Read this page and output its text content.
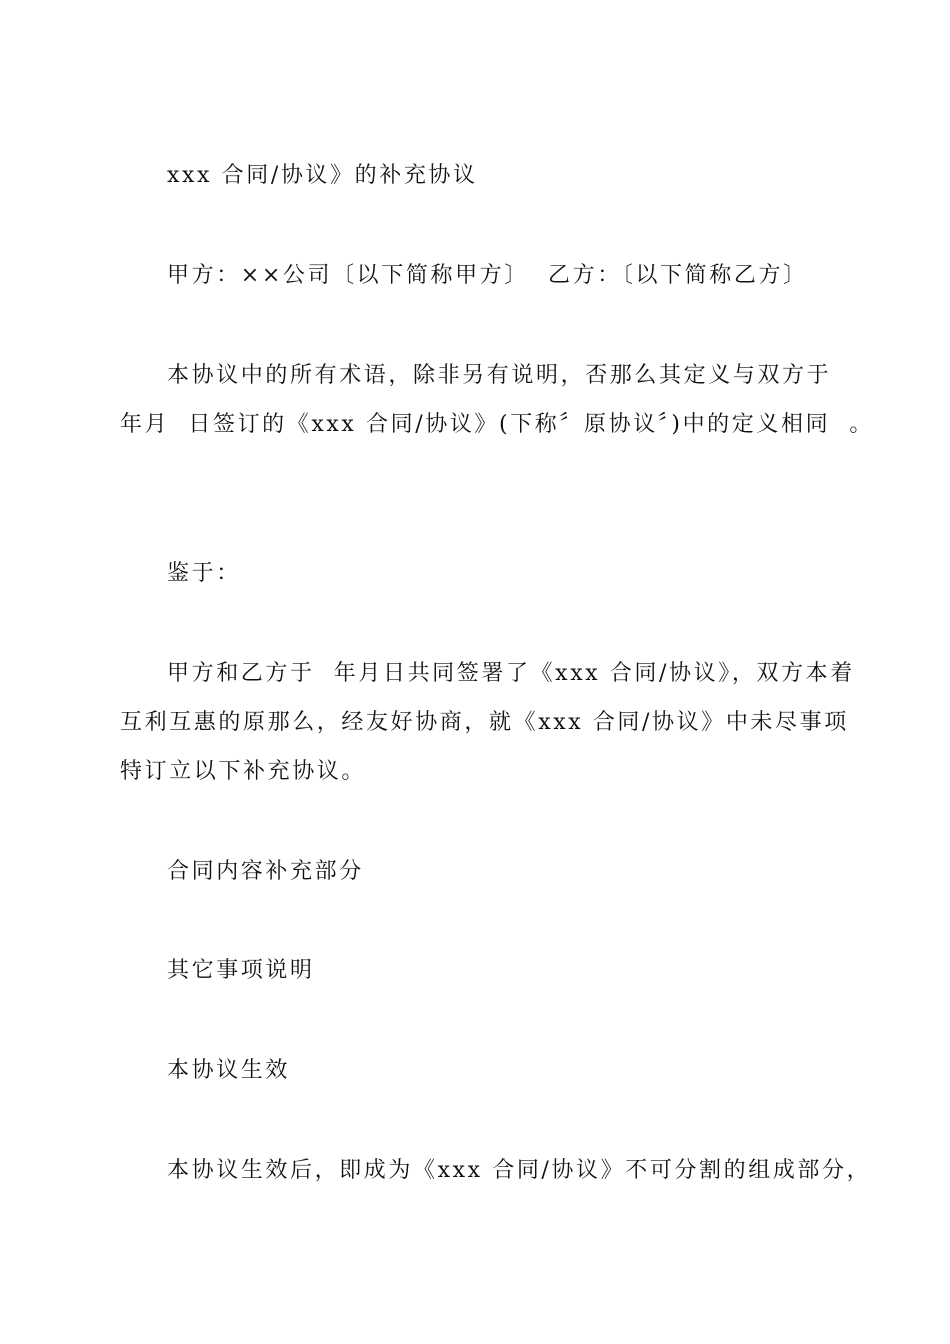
xxx 合同/协议》的补充协议
甲方：××公司〔以下简称甲方〕  乙方：〔以下简称乙方〕
本协议中的所有术语，除非另有说明，否那么其定义与双方于
年月  日签订的《xxx 合同/协议》(下称〞原协议〞)中的定义相同  。
鉴于：
甲方和乙方于  年月日共同签署了《xxx 合同/协议》，双方本着
互利互惠的原那么，经友好协商，就《xxx 合同/协议》中未尽事项
特订立以下补充协议。
合同内容补充部分
其它事项说明
本协议生效
本协议生效后，即成为《xxx 合同/协议》不可分割的组成部分，
